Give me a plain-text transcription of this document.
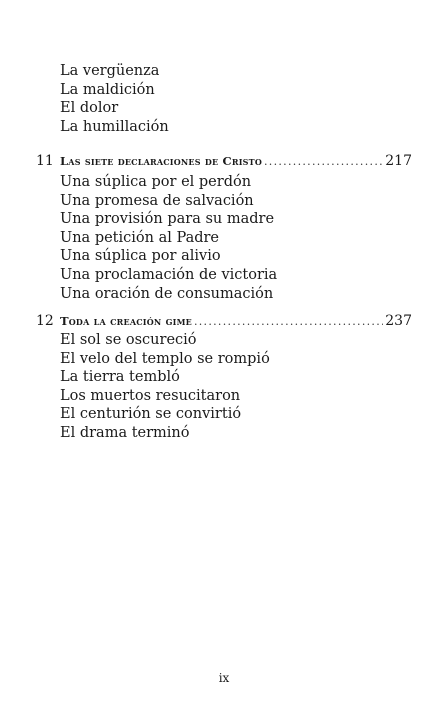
La vergüenza
La maldición
El dolor
La humillación
11 Las siete declaraciones de Cristo .....	217
Una súplica por el perdón
Una promesa de salvación
Una provisión para su madre
Una petición al Padre
Una súplica por alivio
Una proclamación de victoria
Una oración de consumación
12 Toda la creación gime .....	237
El sol se oscureció
El velo del templo se rompió
La tierra tembló
Los muertos resucitaron
El centurión se convirtió
El drama terminó
ix
